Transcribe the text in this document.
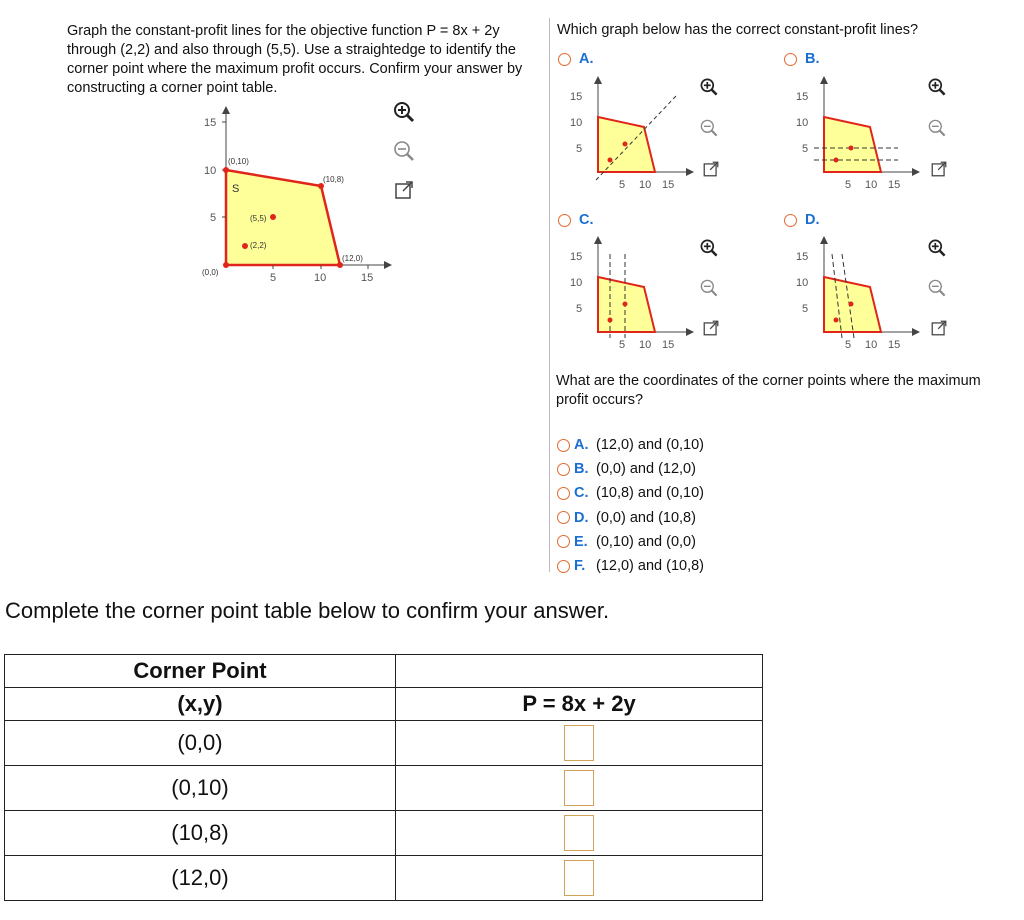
Graph the constant-profit lines for the objective function P = 8x + 2y through (2,2) and also through (5,5). Use a straightedge to identify the corner point where the maximum profit occurs. Confirm your answer by constructing a corner point table.
15
10
5
5	10	15
(0,0)
(0,10)
(10,8)
(12,0)
(5,5)
(2,2)
S
Which graph below has the correct constant-profit lines?
A.	B.
C.	D.
15
10
5
5 10 15
15
10
5
5 10 15
15
10
5
5 10 15
15
10
5
5 10 15
What are the coordinates of the corner points where the maximum profit occurs?
A. (12,0) and (0,10)
B. (0,0) and (12,0)
C. (10,8) and (0,10)
D. (0,0) and (10,8)
E. (0,10) and (0,0)
F. (12,0) and (10,8)
Complete the corner point table below to confirm your answer.
Corner Point	
(x,y)	P = 8x + 2y
(0,0)	
(0,10)	
(10,8)	
(12,0)	
